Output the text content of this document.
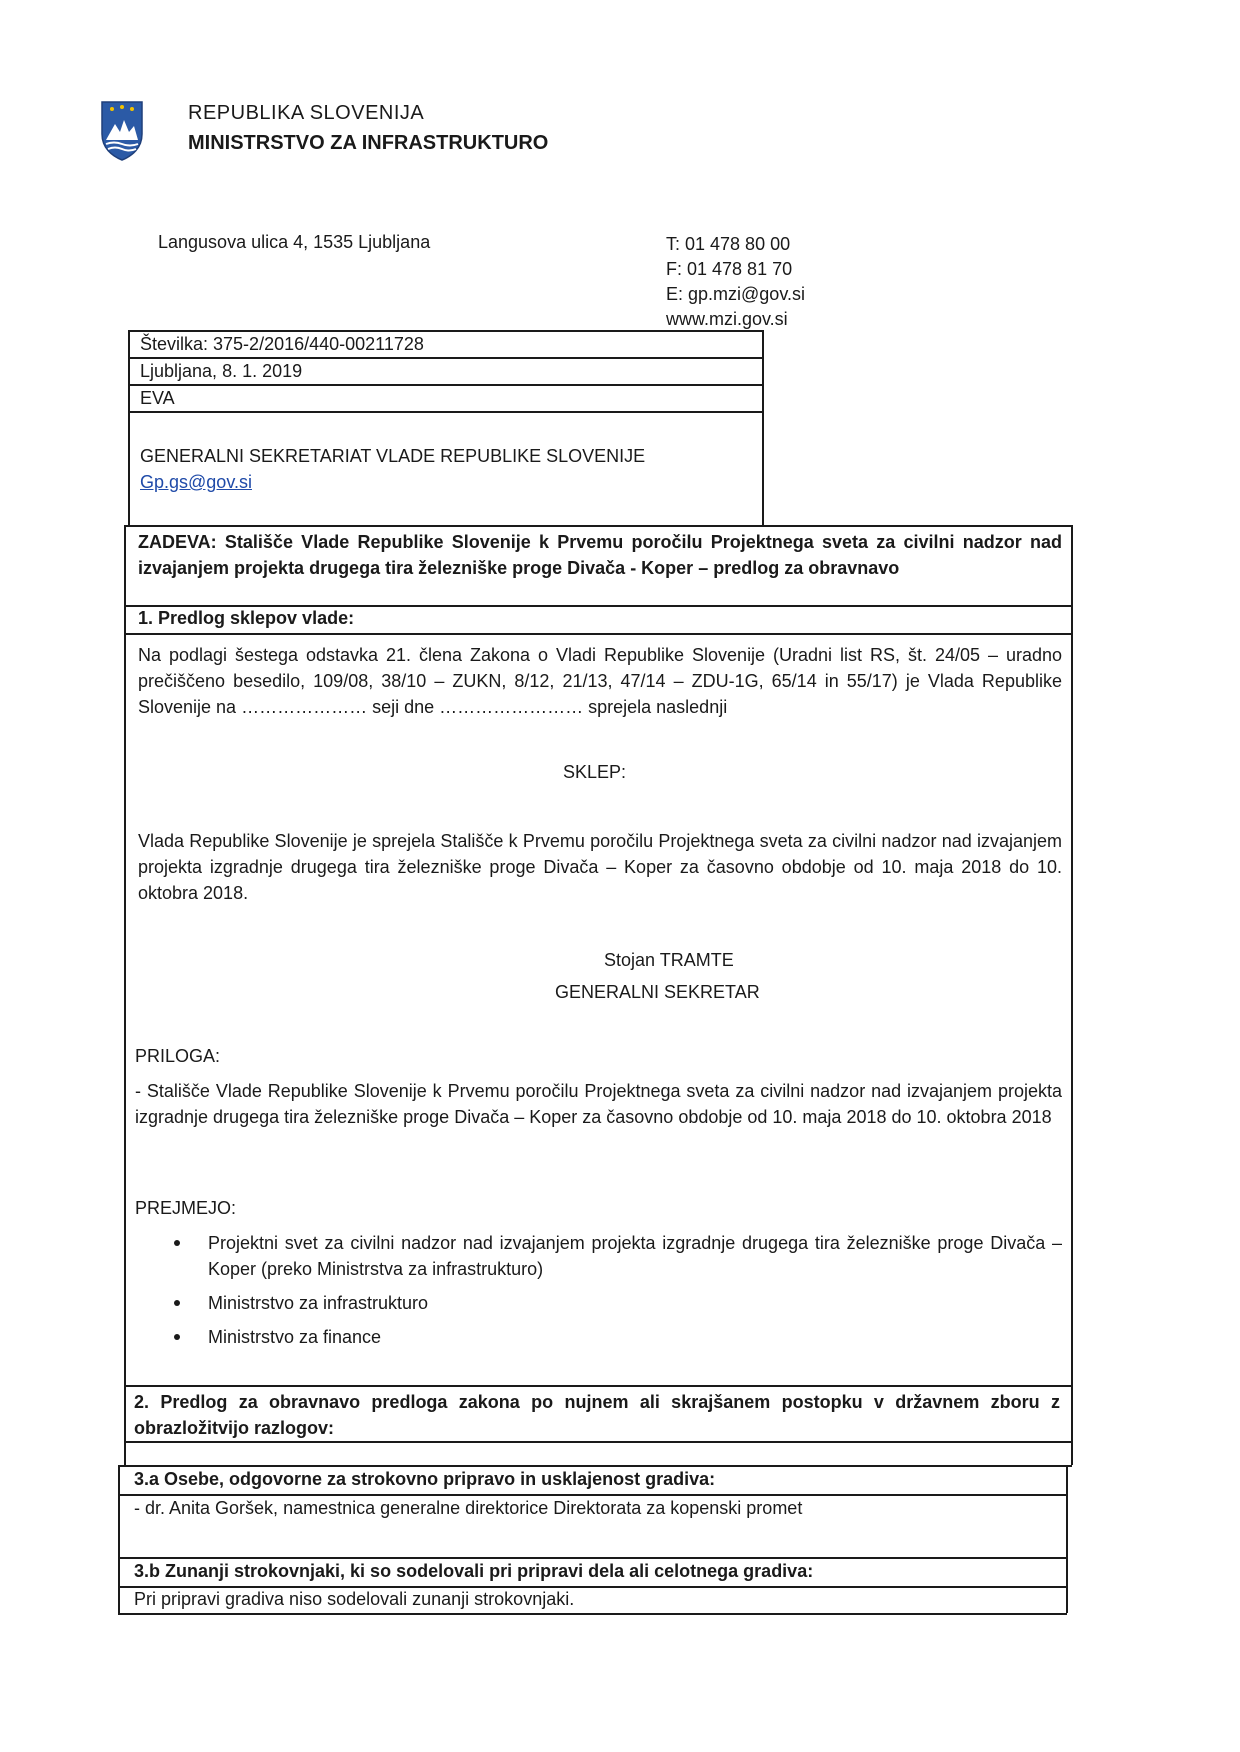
REPUBLIKA SLOVENIJA
MINISTRSTVO ZA INFRASTRUKTURO
Langusova ulica 4, 1535 Ljubljana	T: 01 478 80 00
F: 01 478 81 70
E: gp.mzi@gov.si
www.mzi.gov.si
Številka: 375-2/2016/440-00211728
Ljubljana, 8. 1. 2019
EVA
GENERALNI SEKRETARIAT VLADE REPUBLIKE SLOVENIJE
Gp.gs@gov.si
ZADEVA: Stališče Vlade Republike Slovenije k Prvemu poročilu Projektnega sveta za civilni nadzor nad izvajanjem projekta drugega tira železniške proge Divača - Koper – predlog za obravnavo
1. Predlog sklepov vlade:
Na podlagi šestega odstavka 21. člena Zakona o Vladi Republike Slovenije (Uradni list RS, št. 24/05 – uradno prečiščeno besedilo, 109/08, 38/10 – ZUKN, 8/12, 21/13, 47/14 – ZDU-1G, 65/14 in 55/17) je Vlada Republike Slovenije na ………………… seji dne …………………… sprejela naslednji
SKLEP:
Vlada Republike Slovenije je sprejela Stališče k Prvemu poročilu Projektnega sveta za civilni nadzor nad izvajanjem projekta izgradnje drugega tira železniške proge Divača – Koper za časovno obdobje od 10. maja 2018 do 10. oktobra 2018.
Stojan TRAMTE
GENERALNI SEKRETAR
PRILOGA:
- Stališče Vlade Republike Slovenije k Prvemu poročilu Projektnega sveta za civilni nadzor nad izvajanjem projekta izgradnje drugega tira železniške proge Divača – Koper za časovno obdobje od 10. maja 2018 do 10. oktobra 2018
PREJMEJO:
Projektni svet za civilni nadzor nad izvajanjem projekta izgradnje drugega tira železniške proge Divača – Koper (preko Ministrstva za infrastrukturo)
Ministrstvo za infrastrukturo
Ministrstvo za finance
2. Predlog za obravnavo predloga zakona po nujnem ali skrajšanem postopku v državnem zboru z obrazložitvijo razlogov:
3.a Osebe, odgovorne za strokovno pripravo in usklajenost gradiva:
- dr. Anita Goršek, namestnica generalne direktorice Direktorata za kopenski promet
3.b Zunanji strokovnjaki, ki so sodelovali pri pripravi dela ali celotnega gradiva:
Pri pripravi gradiva niso sodelovali zunanji strokovnjaki.
